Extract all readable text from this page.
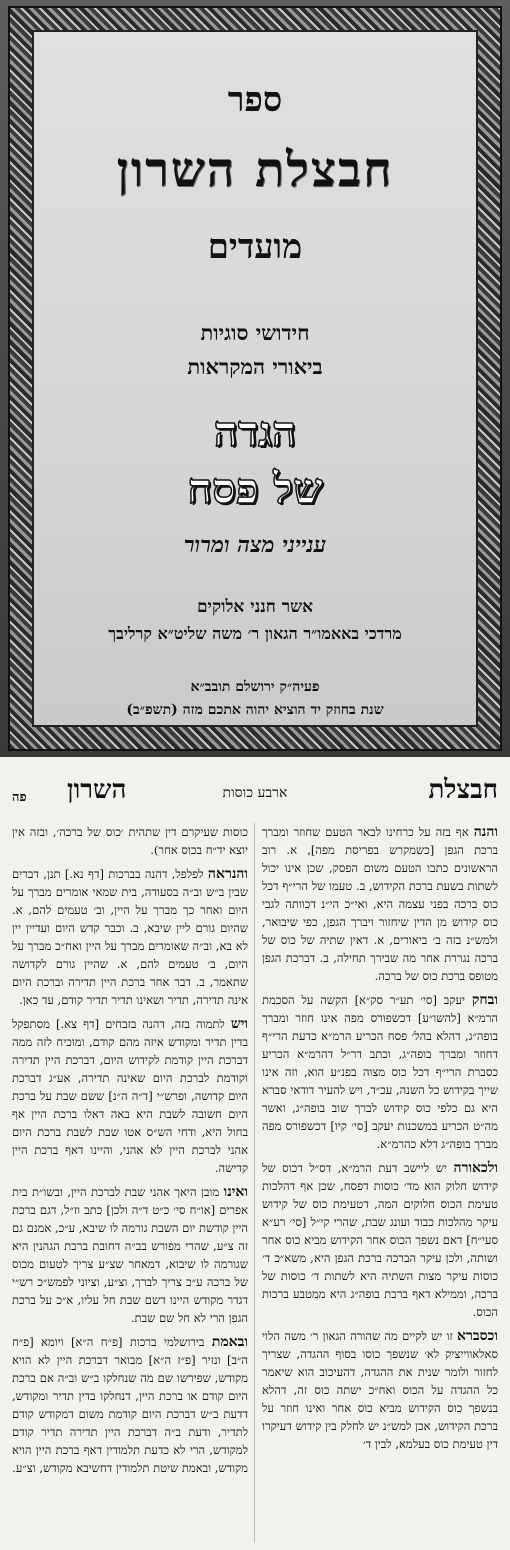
ספר
חבצלת השרון
מועדים
חידושי סוגיות
ביאורי המקראות
הגדה
של פסח
ענייני מצה ומרור
אשר חנני אלוקים
מרדכי באאמו״ר הגאון ר׳ משה שליט״א קרליבך
פעיה״ק ירושלם תובב״א
שנת בחוזק יד הוציא יהוה אתכם מזה (תשפ״ב)
חבצלת
ארבע כוסות
השרון
פה

והנה אף בזה על כרחינו לבאר הטעם שחוזר ומברך ברכת הגפן [כשמקרש בפריסת מפה], א. רוב הראשונים כתבו הטעם משום הפסק, שכן אינו יכול לשתות בשעת ברכת הקידוש, ב. טעמו של הרי״ף דכל כוס ברכה בפני עצמה היא, ואי״כ הי״נ דכוותה לגבי כוס קידוש מן הדין שיחזור ויברך הגפן, כפי שיבואר, ולמש״נ בזה ב׳ ביאורים, א. דאין שתיה של כוס של ברכה נגררת אחר מה שבירך תחילה, ב. דברכת הגפן מטופס ברכת כוס של ברכה.

ובחק יעקב [סי׳ תע״ר סק״א] הקשה על הסכמת הרמ״א [להשו״ע] דכשפורס מפה אינו חוזר ומברך בופה״ג, דהלא בהל׳ פסח הכריע הרמ״א כדעת הרי״ף דחוזר ומברך בופה״ג, וכתב דר״ל דהרמ״א הכריע כסברת הרי״ף דכל כוס מצוה בפנ״ע הוא, וזה אינו שייך בקידוש כל השנה, עכ״ד, ויש להעיר דודאי סברא היא גם כלפי כוס קידוש לברך שוב בופה״ג, ואשר מה״ט הכריע במשכנות יעקב [סי׳ קיו] דכשפורס מפה מברך בופה״ג דלא כהרמ״א.

ולכאורה יש ליישב דעת הרמ״א, דס״ל דכוס של קידוש חלוק הוא מד׳ כוסות דפסח, שכן אף דהלכות טעימת הכוס חלוקים המה, דטעימת כוס של קידוש עיקר מהלכות כבוד ועונג שבת, שהרי קי״ל [סי׳ רע״א סעי״ח] דאם נשפך הכוס אחר הקידוש מביא כוס אחר ושותה, ולכן עיקר הברכה ברכת הגפן היא, משא״כ ד׳ כוסות עיקר מצות השתיה היא לשתות ד׳ כוסות של ברכה, וממילא דאף ברכת בופה״ג היא ממטבע ברכות הכוס.

וכסברא זו יש לקיים מה שהורה הגאון ר׳ משה הלוי סאלאווייציק לא׳ שנשפך כוסו בסוף ההגדה, שצריך לחזור ולומר שנית את ההגדה, דהעיכוב הוא שיאמר כל ההגדה על הכוס ואח״כ ישתה כוס זה, דהלא בנשפך כוס הקידוש מביא כוס אחר ואינו חוזר על ברכת הקידוש, אכן למש״נ יש לחלק בין קידוש דעיקרו דין טעימת כוס בעלמא, לבין ד׳

כוסות שעיקרם דין שתהית ׳כוס של ברכה׳, ובזה אין יוצא יד״ח בכוס אחר).

והנראה לפלפל, דהנה בברכות [דף נא.] תנן, דברים שבין ב״ש וב״ה בסעודה, בית שמאי אומרים מברך על היום ואחר כך מברך על היין, וב׳ טעמים להם, א. שהיום גורם ליין שיבא, ב. וכבר קדש היום ועדיין יין לא בא, וב״ה שאומרים מברך על היין ואח״כ מברך על היום, ב׳ טעמים להם, א. שהיין גורם לקדושה שתאמר, ב. דבר אחר ברכת היין תדירה וברכת היום אינה תדירה, תדיר ושאינו תדיר תדיר קודם, עד כאן.

ויש לתמוה בזה, דהנה בזבחים [דף צא.] מסתפקל בדין תדיר ומקודש איזה מהם קודם, ומוכיח לזה ממה דברכת היין קודמת לקידוש היום, דברכת היין תדירה וקודמת לברכת היום שאינה תדירה, אע״ג דברכת היום קדושה, ופרש״י [ד״ה ה״נ] ששם שבת על ברכת היום חשובה לשבת היא באה דאלו ברכת היין אף בחול היא, ודחי הש״ס אטו שבת לשבת ברכת היום אהני לברכת היין לא אהני, והיינו דאף ברכת היין קדישה.

ואינו מובן היאך אהני שבת לברכת היין, ובשו״ת בית אפרים [או״ח סי׳ כ״ט ד״ה ולכן] כתב וז״ל, דגם ברכת היין קודשת יום השבת גורמה לו שיבא, ע״כ, אמנם גם זה צ״ע, שהרי מפורש בב״ה דחובת ברכת הגהנין היא שגורמה לו שיבוא, דמאחר שצ״ע צריך לטעום מכוס של ברכה ע״כ צריך לברך, וצ״ע, וציוני לפמש״כ רש״י דגדר מקודש היינו דשם שבת חל עליו, א״כ על ברכת הגפן הרי לא חל שם שבת.

ובאמת בירושלמי ברכות [פ״ח ה״א] ויומא [פ״ח ה״ב] ונזיר [פ״ז ה״א] מבואר דברכת היין לא הויא מקודש, שפירשו שם מה שנחלקו ב״ש וב״ה אם ברכת היום קודם או ברכת היין, דנחלקו בדין תדיר ומקודש, דדעת ב״ש דברכת היום קודמת משום דמקודש קודם לתדיר, ודעת ב״ה דברכת היין תדירה תדיר קודם למקודש, הרי לא כדעת תלמודין דאף ברכת היין הויא מקודש, ובאמת שיטת תלמודין דחשיבא מקודש, וצ״ע.
